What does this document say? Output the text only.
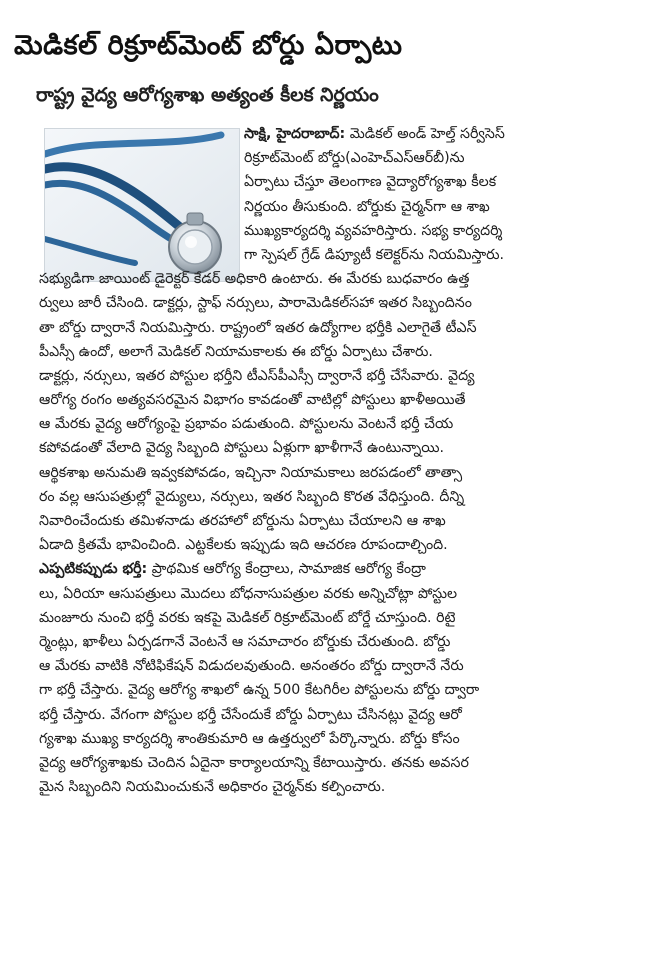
మెడికల్ రిక్రూట్‌మెంట్ బోర్డు ఏర్పాటు
రాష్ట్ర వైద్య ఆరోగ్యశాఖ అత్యంత కీలక నిర్ణయం
సాక్షి, హైదరాబాద్: మెడికల్ అండ్ హెల్త్ సర్వీసెస్
రిక్రూట్‌మెంట్ బోర్డు(ఎంహెచ్‌ఎస్‌ఆర్‌బీ)ను
ఏర్పాటు చేస్తూ తెలంగాణ వైద్యారోగ్యశాఖ కీలక
నిర్ణయం తీసుకుంది. బోర్డుకు చైర్మన్‌గా ఆ శాఖ
ముఖ్యకార్యదర్శి వ్యవహరిస్తారు. సభ్య కార్యదర్శి
గా స్పెషల్ గ్రేడ్ డిప్యూటీ కలెక్టర్‌ను నియమిస్తారు.
సభ్యుడిగా జాయింట్ డైరెక్టర్ కేడర్ అధికారి ఉంటారు. ఈ మేరకు బుధవారం ఉత్త
ర్వులు జారీ చేసింది. డాక్టర్లు, స్టాఫ్ నర్సులు, పారామెడికల్‌సహా ఇతర సిబ్బందినం
తా బోర్డు ద్వారానే నియమిస్తారు. రాష్ట్రంలో ఇతర ఉద్యోగాల భర్తీకి ఎలాగైతే టీఎస్
పీఎస్సీ ఉందో, అలాగే మెడికల్ నియామకాలకు ఈ బోర్డు ఏర్పాటు చేశారు.
డాక్టర్లు, నర్సులు, ఇతర పోస్టుల భర్తీని టీఎస్‌పీఎస్సీ ద్వారానే భర్తీ చేసేవారు. వైద్య
ఆరోగ్య రంగం అత్యవసరమైన విభాగం కావడంతో వాటిల్లో పోస్టులు ఖాళీఅయితే
ఆ మేరకు వైద్య ఆరోగ్యంపై ప్రభావం పడుతుంది. పోస్టులను వెంటనే భర్తీ చేయ
కపోవడంతో వేలాది వైద్య సిబ్బంది పోస్టులు ఏళ్లుగా ఖాళీగానే ఉంటున్నాయి.
ఆర్థికశాఖ అనుమతి ఇవ్వకపోవడం, ఇచ్చినా నియామకాలు జరపడంలో తాత్సా
రం వల్ల ఆసుపత్రుల్లో వైద్యులు, నర్సులు, ఇతర సిబ్బంది కొరత వేధిస్తుంది. దీన్ని
నివారించేందుకు తమిళనాడు తరహాలో బోర్డును ఏర్పాటు చేయాలని ఆ శాఖ
ఏడాది క్రితమే భావించింది. ఎట్టకేలకు ఇప్పుడు ఇది ఆచరణ రూపందాల్చింది.
ఎప్పటికప్పుడు భర్తీ: ప్రాథమిక ఆరోగ్య కేంద్రాలు, సామాజిక ఆరోగ్య కేంద్రా
లు, ఏరియా ఆసుపత్రులు మొదలు బోధనాసుపత్రుల వరకు అన్నిచోట్లా పోస్టుల
మంజూరు నుంచి భర్తీ వరకు ఇకపై మెడికల్ రిక్రూట్‌మెంట్ బోర్డే చూస్తుంది. రిటై
ర్మెంట్లు, ఖాళీలు ఏర్పడగానే వెంటనే ఆ సమాచారం బోర్డుకు చేరుతుంది. బోర్డు
ఆ మేరకు వాటికి నోటిఫికేషన్ విడుదలవుతుంది. అనంతరం బోర్డు ద్వారానే నేరు
గా భర్తీ చేస్తారు. వైద్య ఆరోగ్య శాఖలో ఉన్న 500 కేటగిరీల పోస్టులను బోర్డు ద్వారా
భర్తీ చేస్తారు. వేగంగా పోస్టుల భర్తీ చేసేందుకే బోర్డు ఏర్పాటు చేసినట్లు వైద్య ఆరో
గ్యశాఖ ముఖ్య కార్యదర్శి శాంతికుమారి ఆ ఉత్తర్వులో పేర్కొన్నారు. బోర్డు కోసం
వైద్య ఆరోగ్యశాఖకు చెందిన ఏదైనా కార్యాలయాన్ని కేటాయిస్తారు. తనకు అవసర
మైన సిబ్బందిని నియమించుకునే అధికారం చైర్మన్‌కు కల్పించారు.
